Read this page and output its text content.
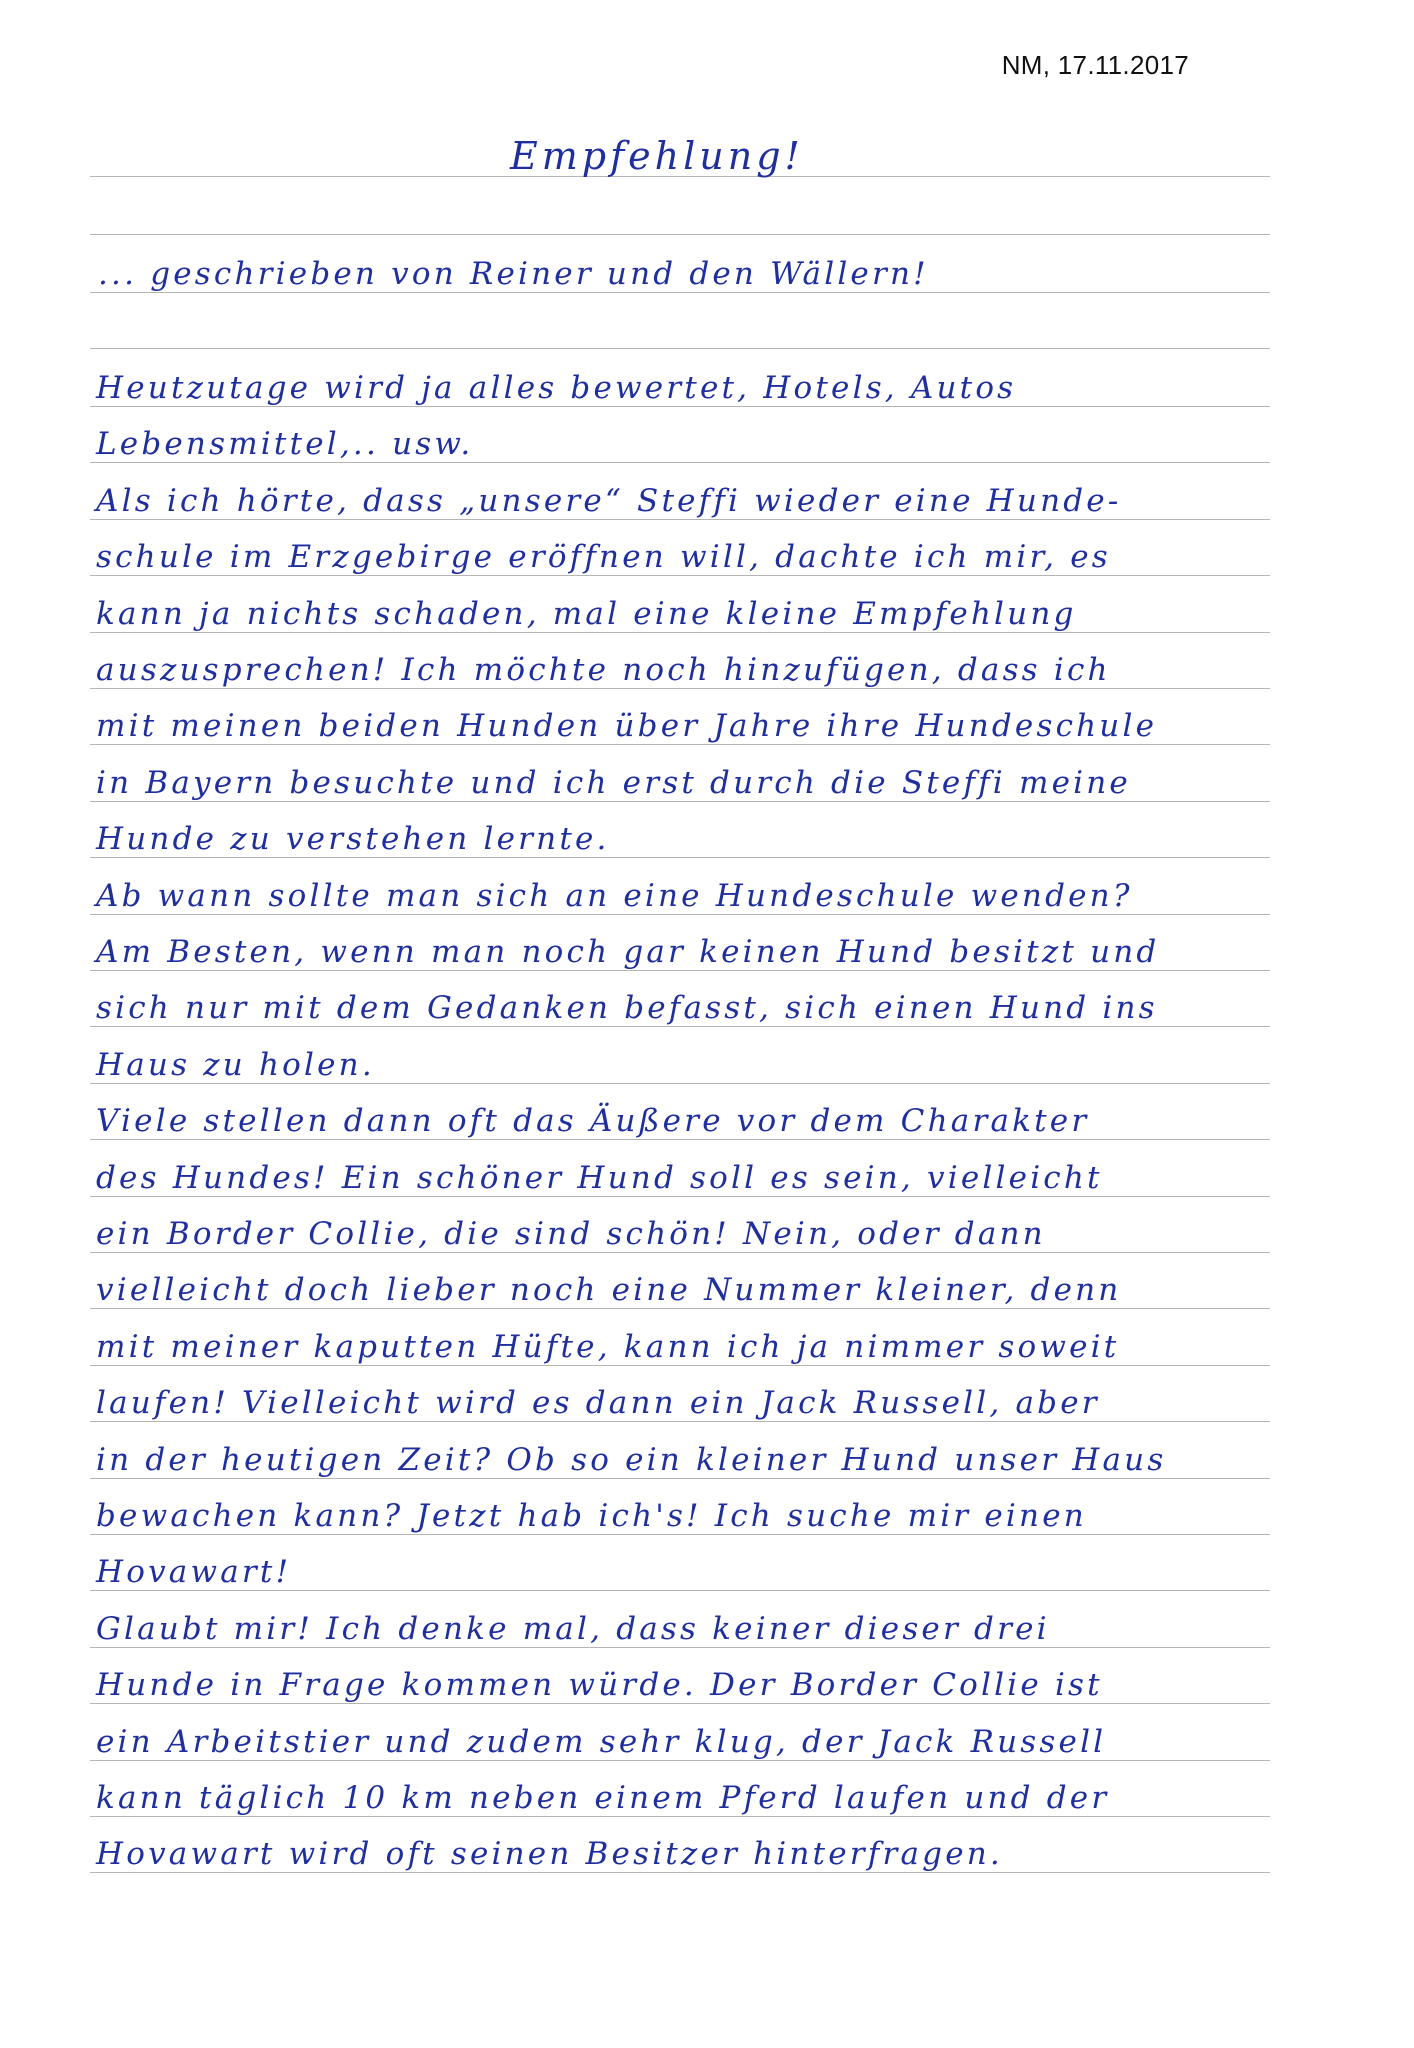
NM, 17.11.2017
Empfehlung!
... geschrieben von Reiner und den Wällern!
Heutzutage wird ja alles bewertet, Hotels, Autos
Lebensmittel,.. usw.
Als ich hörte, dass „unsere“ Steffi wieder eine Hunde-
schule im Erzgebirge eröffnen will, dachte ich mir, es
kann ja nichts schaden, mal eine kleine Empfehlung
auszusprechen! Ich möchte noch hinzufügen, dass ich
mit meinen beiden Hunden über Jahre ihre Hundeschule
in Bayern besuchte und ich erst durch die Steffi meine
Hunde zu verstehen lernte.
Ab wann sollte man sich an eine Hundeschule wenden?
Am Besten, wenn man noch gar keinen Hund besitzt und
sich nur mit dem Gedanken befasst, sich einen Hund ins
Haus zu holen.
Viele stellen dann oft das Äußere vor dem Charakter
des Hundes! Ein schöner Hund soll es sein, vielleicht
ein Border Collie, die sind schön! Nein, oder dann
vielleicht doch lieber noch eine Nummer kleiner, denn
mit meiner kaputten Hüfte, kann ich ja nimmer soweit
laufen! Vielleicht wird es dann ein Jack Russell, aber
in der heutigen Zeit? Ob so ein kleiner Hund unser Haus
bewachen kann? Jetzt hab ich's! Ich suche mir einen
Hovawart!
Glaubt mir! Ich denke mal, dass keiner dieser drei
Hunde in Frage kommen würde. Der Border Collie ist
ein Arbeitstier und zudem sehr klug, der Jack Russell
kann täglich 10 km neben einem Pferd laufen und der
Hovawart wird oft seinen Besitzer hinterfragen.
